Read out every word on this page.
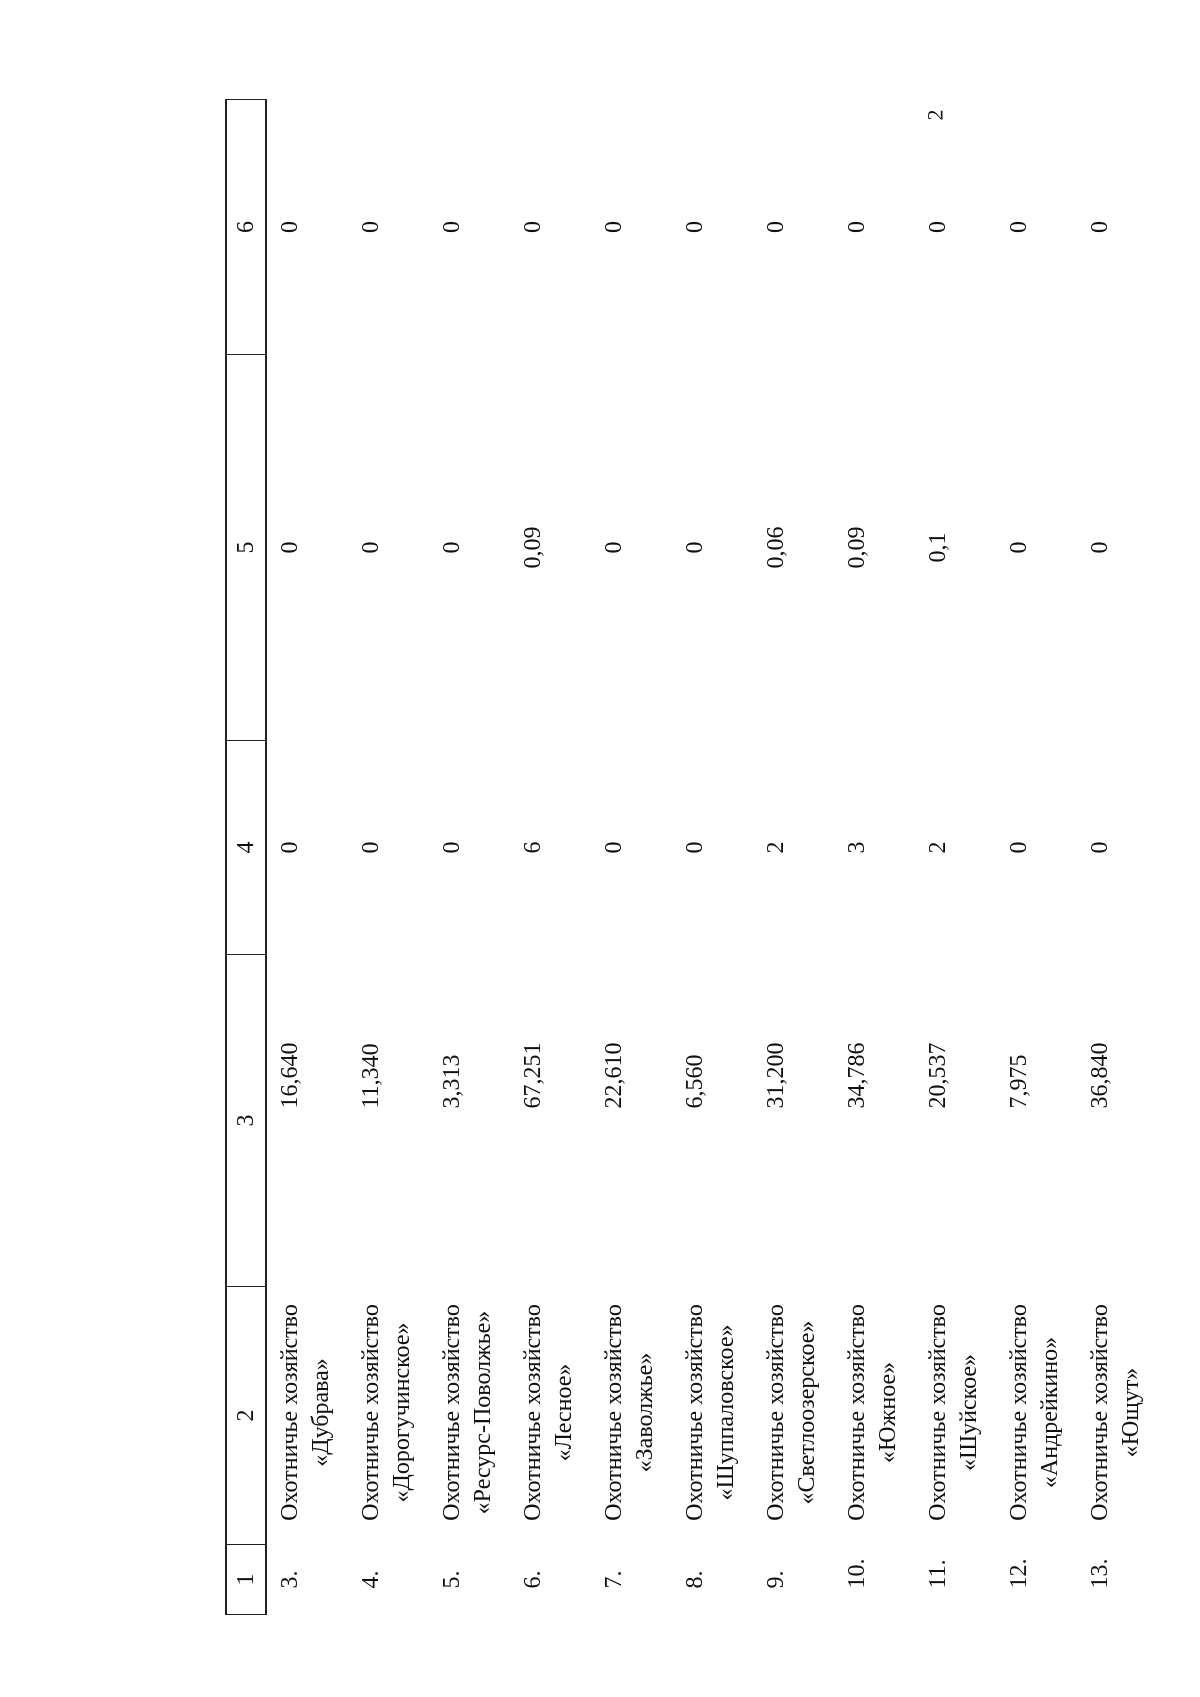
2
1	2	3	4	5	6
3.	Охотничье хозяйство «Дубрава»	16,640	0	0	0
4.	Охотничье хозяйство «Дорогучинское»	11,340	0	0	0
5.	Охотничье хозяйство «Ресурс-Поволжье»	3,313	0	0	0
6.	Охотничье хозяйство «Лесное»	67,251	6	0,09	0
7.	Охотничье хозяйство «Заволжье»	22,610	0	0	0
8.	Охотничье хозяйство «Шуппаловское»	6,560	0	0	0
9.	Охотничье хозяйство «Светлоозерское»	31,200	2	0,06	0
10.	Охотничье хозяйство «Южное»	34,786	3	0,09	0
11.	Охотничье хозяйство «Шуйское»	20,537	2	0,1	0
12.	Охотничье хозяйство «Андрейкино»	7,975	0	0	0
13.	Охотничье хозяйство «Ющут»	36,840	0	0	0
